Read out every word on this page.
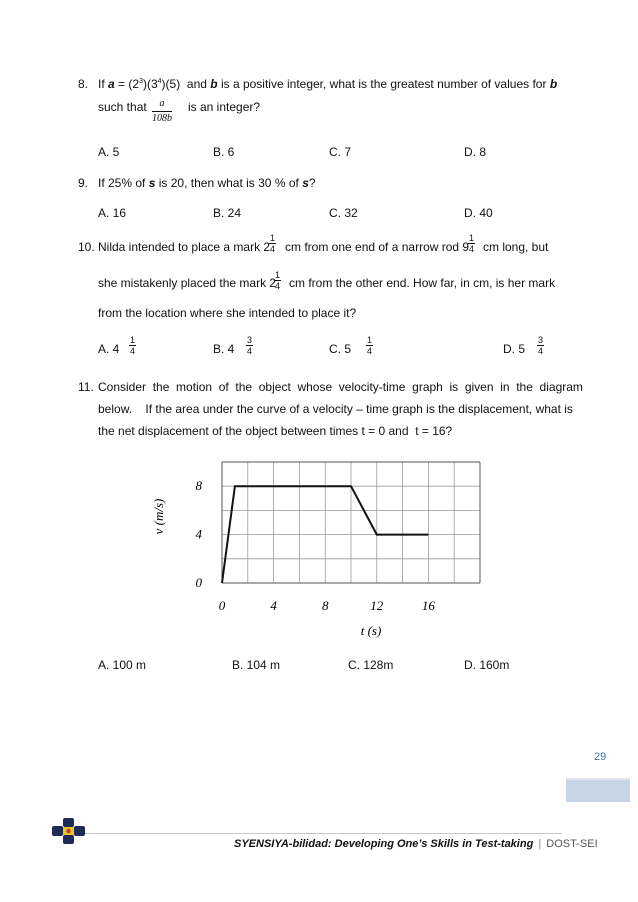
8. If $a = (2^3)(3^4)(5)$ and b is a positive integer, what is the greatest number of values for b
such that $\frac{a}{108b}$ is an integer?
A. 5	B. 6	C. 7	D. 8
9. If 25% of s is 20, then what is 30 % of s?
A. 16	B. 24	C. 32	D. 40
10. Nilda intended to place a mark 2
$\frac{1}{4}$ cm from one end of a narrow rod 9
$\frac{1}{4}$ cm long, but
she mistakenly placed the mark 2
$\frac{1}{4}$ cm from the other end. How far, in cm, is her mark
from the location where she intended to place it?
A. $4 \frac{1}{4}$	B. $4 \frac{3}{4}$	C. $5 \frac{1}{4}$	D. $5 \frac{3}{4}$
11. Consider  the  motion  of  the  object  whose  velocity-time  graph  is  given  in  the  diagram
below.    If the area under the curve of a velocity – time graph is the displacement, what is
the net displacement of the object between times t = 0 and  t = 16?
0	4	8	12	16
0
4
8
t (s)
v (m/s)
A. 100 m	B. 104 m	C. 128m	D. 160m
29
SYENSIYA-bilidad: Developing One’s Skills in Test-taking | DOST-SEI
